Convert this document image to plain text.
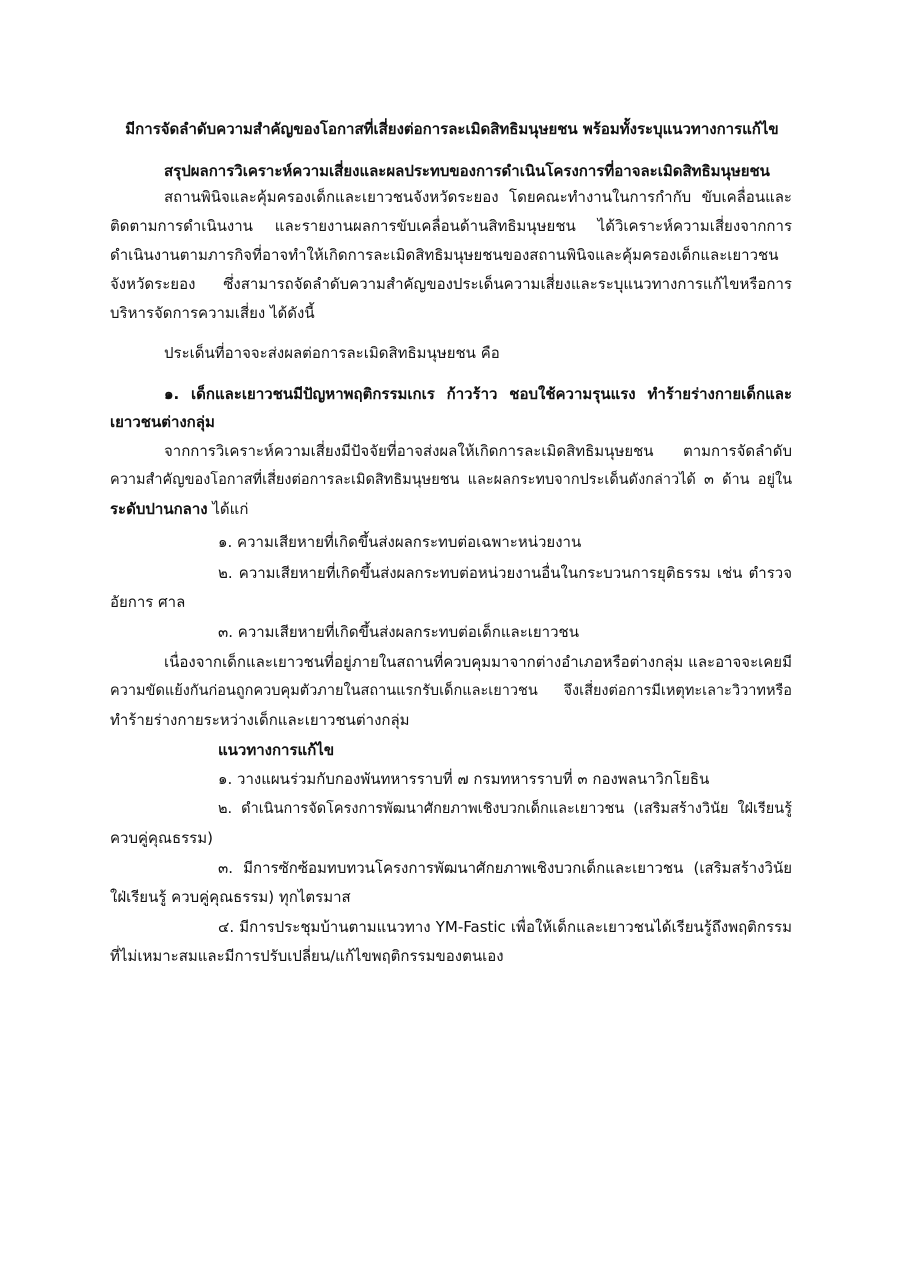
มีการจัดลำดับความสำคัญของโอกาสที่เสี่ยงต่อการละเมิดสิทธิมนุษยชน พร้อมทั้งระบุแนวทางการแก้ไข
สรุปผลการวิเคราะห์ความเสี่ยงและผลประทบของการดำเนินโครงการที่อาจละเมิดสิทธิมนุษยชน
สถานพินิจและคุ้มครองเด็กและเยาวชนจังหวัดระยอง โดยคณะทำงานในการกำกับ ขับเคลื่อนและ
ติดตามการดำเนินงาน และรายงานผลการขับเคลื่อนด้านสิทธิมนุษยชน ได้วิเคราะห์ความเสี่ยงจากการ
ดำเนินงานตามภารกิจที่อาจทำให้เกิดการละเมิดสิทธิมนุษยชนของสถานพินิจและคุ้มครองเด็กและเยาวชน
จังหวัดระยอง ซึ่งสามารถจัดลำดับความสำคัญของประเด็นความเสี่ยงและระบุแนวทางการแก้ไขหรือการ
บริหารจัดการความเสี่ยง ได้ดังนี้
ประเด็นที่อาจจะส่งผลต่อการละเมิดสิทธิมนุษยชน คือ
๑. เด็กและเยาวชนมีปัญหาพฤติกรรมเกเร ก้าวร้าว ชอบใช้ความรุนแรง ทำร้ายร่างกายเด็กและ
เยาวชนต่างกลุ่ม
จากการวิเคราะห์ความเสี่ยงมีปัจจัยที่อาจส่งผลให้เกิดการละเมิดสิทธิมนุษยชน ตามการจัดลำดับ
ความสำคัญของโอกาสที่เสี่ยงต่อการละเมิดสิทธิมนุษยชน และผลกระทบจากประเด็นดังกล่าวได้ ๓ ด้าน อยู่ใน
ระดับปานกลาง ได้แก่
๑. ความเสียหายที่เกิดขึ้นส่งผลกระทบต่อเฉพาะหน่วยงาน
๒. ความเสียหายที่เกิดขึ้นส่งผลกระทบต่อหน่วยงานอื่นในกระบวนการยุติธรรม เช่น ตำรวจ
อัยการ ศาล
๓. ความเสียหายที่เกิดขึ้นส่งผลกระทบต่อเด็กและเยาวชน
เนื่องจากเด็กและเยาวชนที่อยู่ภายในสถานที่ควบคุมมาจากต่างอำเภอหรือต่างกลุ่ม และอาจจะเคยมี
ความขัดแย้งกันก่อนถูกควบคุมตัวภายในสถานแรกรับเด็กและเยาวชน จึงเสี่ยงต่อการมีเหตุทะเลาะวิวาทหรือ
ทำร้ายร่างกายระหว่างเด็กและเยาวชนต่างกลุ่ม
แนวทางการแก้ไข
๑. วางแผนร่วมกับกองพันทหารราบที่ ๗ กรมทหารราบที่ ๓ กองพลนาวิกโยธิน
๒. ดำเนินการจัดโครงการพัฒนาศักยภาพเชิงบวกเด็กและเยาวชน (เสริมสร้างวินัย ใฝ่เรียนรู้
ควบคู่คุณธรรม)
๓. มีการซักซ้อมทบทวนโครงการพัฒนาศักยภาพเชิงบวกเด็กและเยาวชน (เสริมสร้างวินัย
ใฝ่เรียนรู้ ควบคู่คุณธรรม) ทุกไตรมาส
๔. มีการประชุมบ้านตามแนวทาง YM-Fastic เพื่อให้เด็กและเยาวชนได้เรียนรู้ถึงพฤติกรรม
ที่ไม่เหมาะสมและมีการปรับเปลี่ยน/แก้ไขพฤติกรรมของตนเอง
